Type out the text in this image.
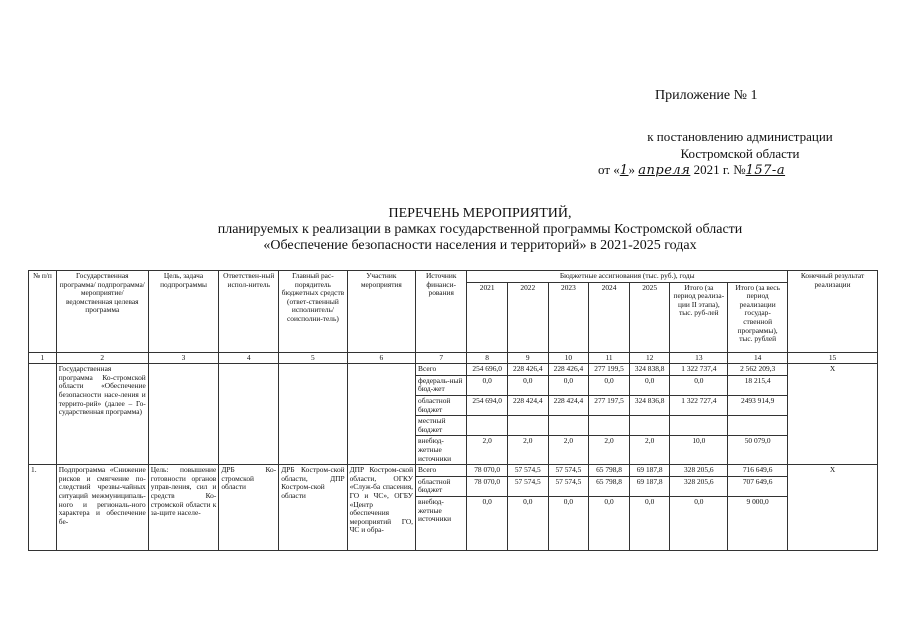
Приложение № 1
к постановлению администрации
Костромской области
от «1» апреля 2021 г. №157-а
ПЕРЕЧЕНЬ МЕРОПРИЯТИЙ,
планируемых к реализации в рамках государственной программы Костромской области
«Обеспечение безопасности населения и территорий» в 2021-2025 годах
№ п/п	Государственная программа/ подпрограмма/ мероприятие/ ведомственная целевая программа	Цель, задача подпрограммы	Ответствен-ный испол-нитель	Главный рас-порядитель бюджетных средств (ответ-ственный исполнитель/ соисполни-тель)	Участник мероприятия	Источник финанси-рования	Бюджетные ассигнования (тыс. руб.), годы							Конечный результат реализации
							2021	2022	2023	2024	2025	Итого (за период реализа-ции II этапа), тыс. руб-лей	Итого (за весь период реализации государ-ственной программы), тыс. рублей	
1	2	3	4	5	6	7	8	9	10	11	12	13	14	15
	Государственная программа Ко-стромской области «Обеспечение безопасности насе-ления и террито-рий» (далее – Го-сударственная программа)					Всего	254 696,0	228 426,4	228 426,4	277 199,5	324 838,8	1 322 737,4	2 562 209,3	X
						федераль-ный бюд-жет	0,0	0,0	0,0	0,0	0,0	0,0	18 215,4	
						областной бюджет	254 694,0	228 424,4	228 424,4	277 197,5	324 836,8	1 322 727,4	2493 914,9	
						местный бюджет								
						внебюд-жетные источники	2,0	2,0	2,0	2,0	2,0	10,0	50 079,0	
1.	Подпрограмма «Снижение рисков и смягчение по-следствий чрезвы-чайных ситуаций межмуниципаль-ного и региональ-ного характера и обеспечение бе-	Цель: повышение готовности органов управ-ления, сил и средств Ко-стромской области к за-щите населе-	ДРБ Ко-стромской области	ДРБ Костром-ской области, ДПР Костром-ской области	ДПР Костром-ской области, ОГКУ «Служ-ба спасения, ГО и ЧС», ОГБУ «Центр обеспечения мероприятий ГО, ЧС и обра-	Всего	78 070,0	57 574,5	57 574,5	65 798,8	69 187,8	328 205,6	716 649,6	X
						областной бюджет	78 070,0	57 574,5	57 574,5	65 798,8	69 187,8	328 205,6	707 649,6	
						внебюд-жетные источники	0,0	0,0	0,0	0,0	0,0	0,0	9 000,0	
